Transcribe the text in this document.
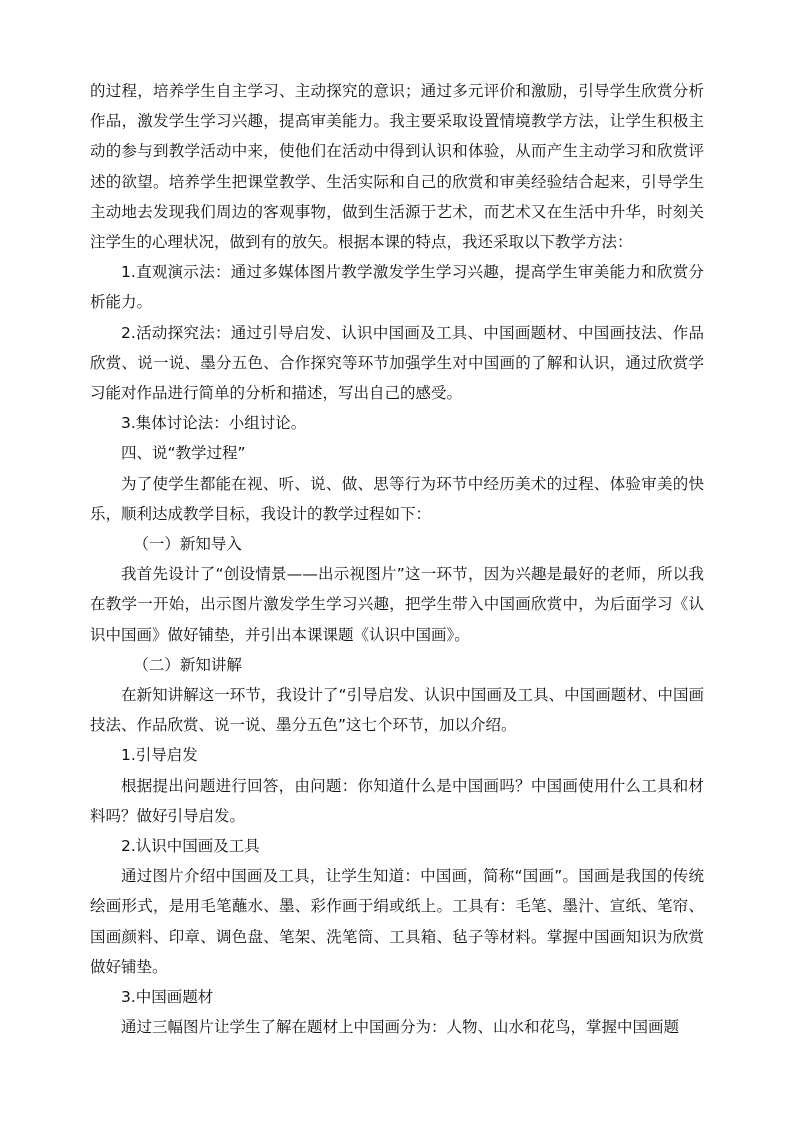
的过程，培养学生自主学习、主动探究的意识；通过多元评价和激励，引导学生欣赏分析作品，激发学生学习兴趣，提高审美能力。我主要采取设置情境教学方法，让学生积极主动的参与到教学活动中来，使他们在活动中得到认识和体验，从而产生主动学习和欣赏评述的欲望。培养学生把课堂教学、生活实际和自己的欣赏和审美经验结合起来，引导学生主动地去发现我们周边的客观事物，做到生活源于艺术，而艺术又在生活中升华，时刻关注学生的心理状况，做到有的放矢。根据本课的特点，我还采取以下教学方法：

1.直观演示法：通过多媒体图片教学激发学生学习兴趣，提高学生审美能力和欣赏分析能力。

2.活动探究法：通过引导启发、认识中国画及工具、中国画题材、中国画技法、作品欣赏、说一说、墨分五色、合作探究等环节加强学生对中国画的了解和认识，通过欣赏学习能对作品进行简单的分析和描述，写出自己的感受。

3.集体讨论法：小组讨论。

四、说“教学过程”

为了使学生都能在视、听、说、做、思等行为环节中经历美术的过程、体验审美的快乐，顺利达成教学目标，我设计的教学过程如下：

（一）新知导入

我首先设计了“创设情景——出示视图片”这一环节，因为兴趣是最好的老师，所以我在教学一开始，出示图片激发学生学习兴趣，把学生带入中国画欣赏中，为后面学习《认识中国画》做好铺垫，并引出本课课题《认识中国画》。

（二）新知讲解

在新知讲解这一环节，我设计了“引导启发、认识中国画及工具、中国画题材、中国画技法、作品欣赏、说一说、墨分五色”这七个环节，加以介绍。

1.引导启发

根据提出问题进行回答，由问题：你知道什么是中国画吗？中国画使用什么工具和材料吗？做好引导启发。

2.认识中国画及工具

通过图片介绍中国画及工具，让学生知道：中国画，简称“国画”。国画是我国的传统绘画形式，是用毛笔蘸水、墨、彩作画于绢或纸上。工具有：毛笔、墨汁、宣纸、笔帘、国画颜料、印章、调色盘、笔架、洗笔筒、工具箱、毡子等材料。掌握中国画知识为欣赏做好铺垫。

3.中国画题材

通过三幅图片让学生了解在题材上中国画分为：人物、山水和花鸟，掌握中国画题
